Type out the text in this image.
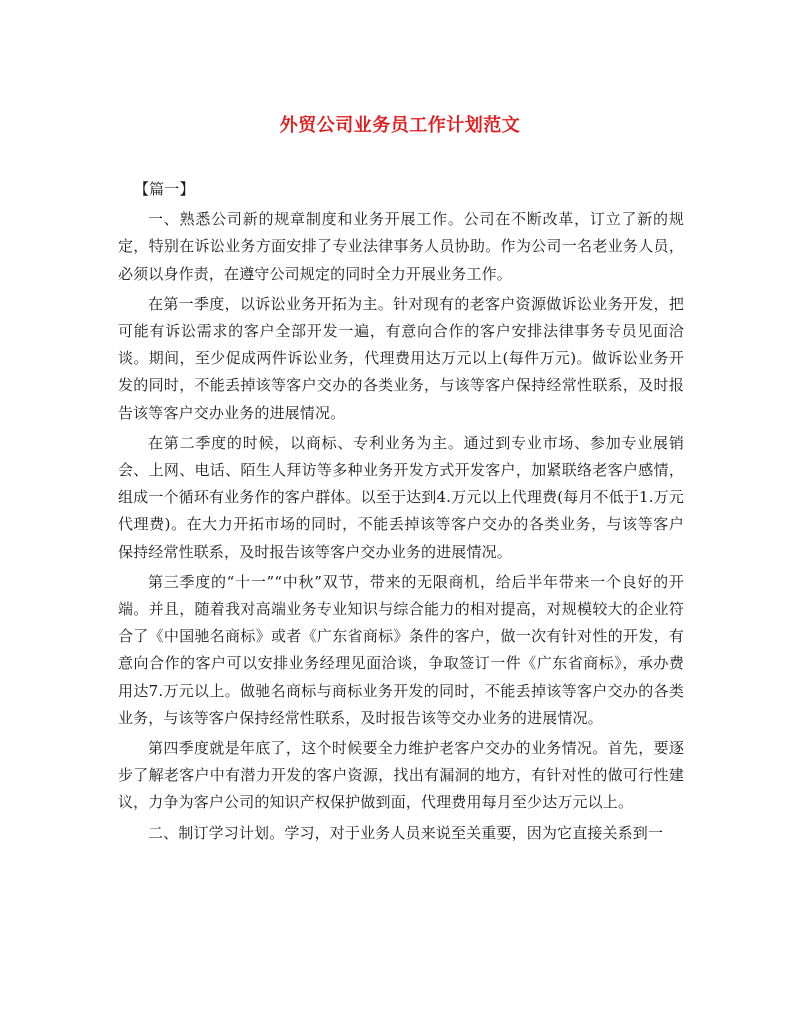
外贸公司业务员工作计划范文
【篇一】

一、熟悉公司新的规章制度和业务开展工作。公司在不断改革，订立了新的规定，特别在诉讼业务方面安排了专业法律事务人员协助。作为公司一名老业务人员，必须以身作责，在遵守公司规定的同时全力开展业务工作。

在第一季度，以诉讼业务开拓为主。针对现有的老客户资源做诉讼业务开发，把可能有诉讼需求的客户全部开发一遍，有意向合作的客户安排法律事务专员见面洽谈。期间，至少促成两件诉讼业务，代理费用达万元以上(每件万元)。做诉讼业务开发的同时，不能丢掉该等客户交办的各类业务，与该等客户保持经常性联系，及时报告该等客户交办业务的进展情况。

在第二季度的时候，以商标、专利业务为主。通过到专业市场、参加专业展销会、上网、电话、陌生人拜访等多种业务开发方式开发客户，加紧联络老客户感情，组成一个循环有业务作的客户群体。以至于达到4.万元以上代理费(每月不低于1.万元代理费)。在大力开拓市场的同时，不能丢掉该等客户交办的各类业务，与该等客户保持经常性联系，及时报告该等客户交办业务的进展情况。

第三季度的“十一”“中秋”双节，带来的无限商机，给后半年带来一个良好的开端。并且，随着我对高端业务专业知识与综合能力的相对提高，对规模较大的企业符合了《中国驰名商标》或者《广东省商标》条件的客户，做一次有针对性的开发，有意向合作的客户可以安排业务经理见面洽谈，争取签订一件《广东省商标》，承办费用达7.万元以上。做驰名商标与商标业务开发的同时，不能丢掉该等客户交办的各类业务，与该等客户保持经常性联系，及时报告该等交办业务的进展情况。

第四季度就是年底了，这个时候要全力维护老客户交办的业务情况。首先，要逐步了解老客户中有潜力开发的客户资源，找出有漏洞的地方，有针对性的做可行性建议，力争为客户公司的知识产权保护做到面，代理费用每月至少达万元以上。

二、制订学习计划。学习，对于业务人员来说至关重要，因为它直接关系到一
